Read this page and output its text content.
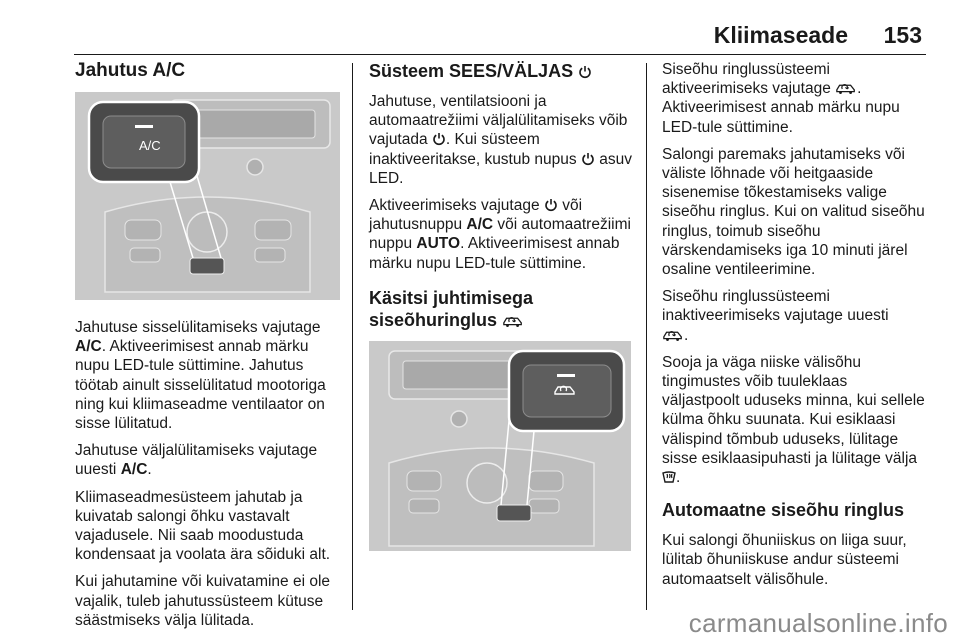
Kliimaseade 153
Jahutus A/C
A/C

Jahutuse sisselülitamiseks vajutage A/C. Aktiveerimisest annab märku nupu LED-tule süttimine. Jahutus töötab ainult sisselülitatud mootoriga ning kui kliimaseadme ventilaator on sisse lülitatud.

Jahutuse väljalülitamiseks vajutage uuesti A/C.

Kliimaseadmesüsteem jahutab ja kuivatab salongi õhku vastavalt vajadusele. Nii saab moodustuda kondensaat ja voolata ära sõiduki alt.

Kui jahutamine või kuivatamine ei ole vajalik, tuleb jahutussüsteem kütuse säästmiseks välja lülitada.

Süsteem SEES/VÄLJAS

Jahutuse, ventilatsiooni ja automaatrežiimi väljalülitamiseks võib vajutada . Kui süsteem inaktiveeritakse, kustub nupus asuv LED.

Aktiveerimiseks vajutage või jahutusnuppu A/C või automaatrežiimi nuppu AUTO. Aktiveerimisest annab märku nupu LED-tule süttimine.

Käsitsi juhtimisega siseõhuringlus

Siseõhu ringlussüsteemi aktiveerimiseks vajutage . Aktiveerimisest annab märku nupu LED-tule süttimine.

Salongi paremaks jahutamiseks või väliste lõhnade või heitgaaside sisenemise tõkestamiseks valige siseõhu ringlus. Kui on valitud siseõhu ringlus, toimub siseõhu värskendamiseks iga 10 minuti järel osaline ventileerimine.

Siseõhu ringlussüsteemi inaktiveerimiseks vajutage uuesti
.

Sooja ja väga niiske välisõhu tingimustes võib tuuleklaas väljastpoolt uduseks minna, kui sellele külma õhku suunata. Kui esiklaasi välispind tõmbub uduseks, lülitage sisse esiklaasipuhasti ja lülitage välja .

Automaatne siseõhu ringlus

Kui salongi õhuniiskus on liiga suur, lülitab õhuniiskuse andur süsteemi automaatselt välisõhule.

carmanualsonline.info
